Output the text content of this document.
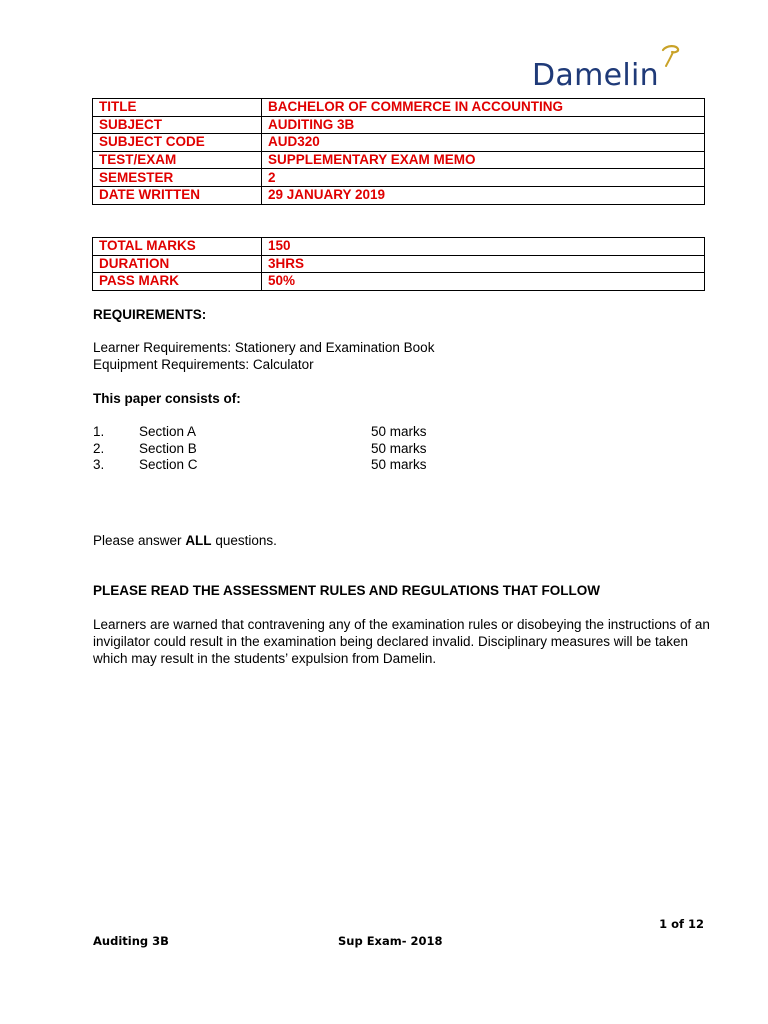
Damelin
TITLE	BACHELOR OF COMMERCE IN ACCOUNTING
SUBJECT	AUDITING 3B
SUBJECT CODE	AUD320
TEST/EXAM	SUPPLEMENTARY EXAM MEMO
SEMESTER	2
DATE WRITTEN	29 JANUARY 2019
TOTAL MARKS	150
DURATION	3HRS
PASS MARK	50%
REQUIREMENTS:
Learner Requirements: Stationery and Examination Book
Equipment Requirements: Calculator
This paper consists of:
1.	Section A	50 marks
2.	Section B	50 marks
3.	Section C	50 marks
Please answer ALL questions.
PLEASE READ THE ASSESSMENT RULES AND REGULATIONS THAT FOLLOW
Learners are warned that contravening any of the examination rules or disobeying the instructions of an invigilator could result in the examination being declared invalid. Disciplinary measures will be taken which may result in the students’ expulsion from Damelin.
1 of 12
Auditing 3B	Sup Exam- 2018
